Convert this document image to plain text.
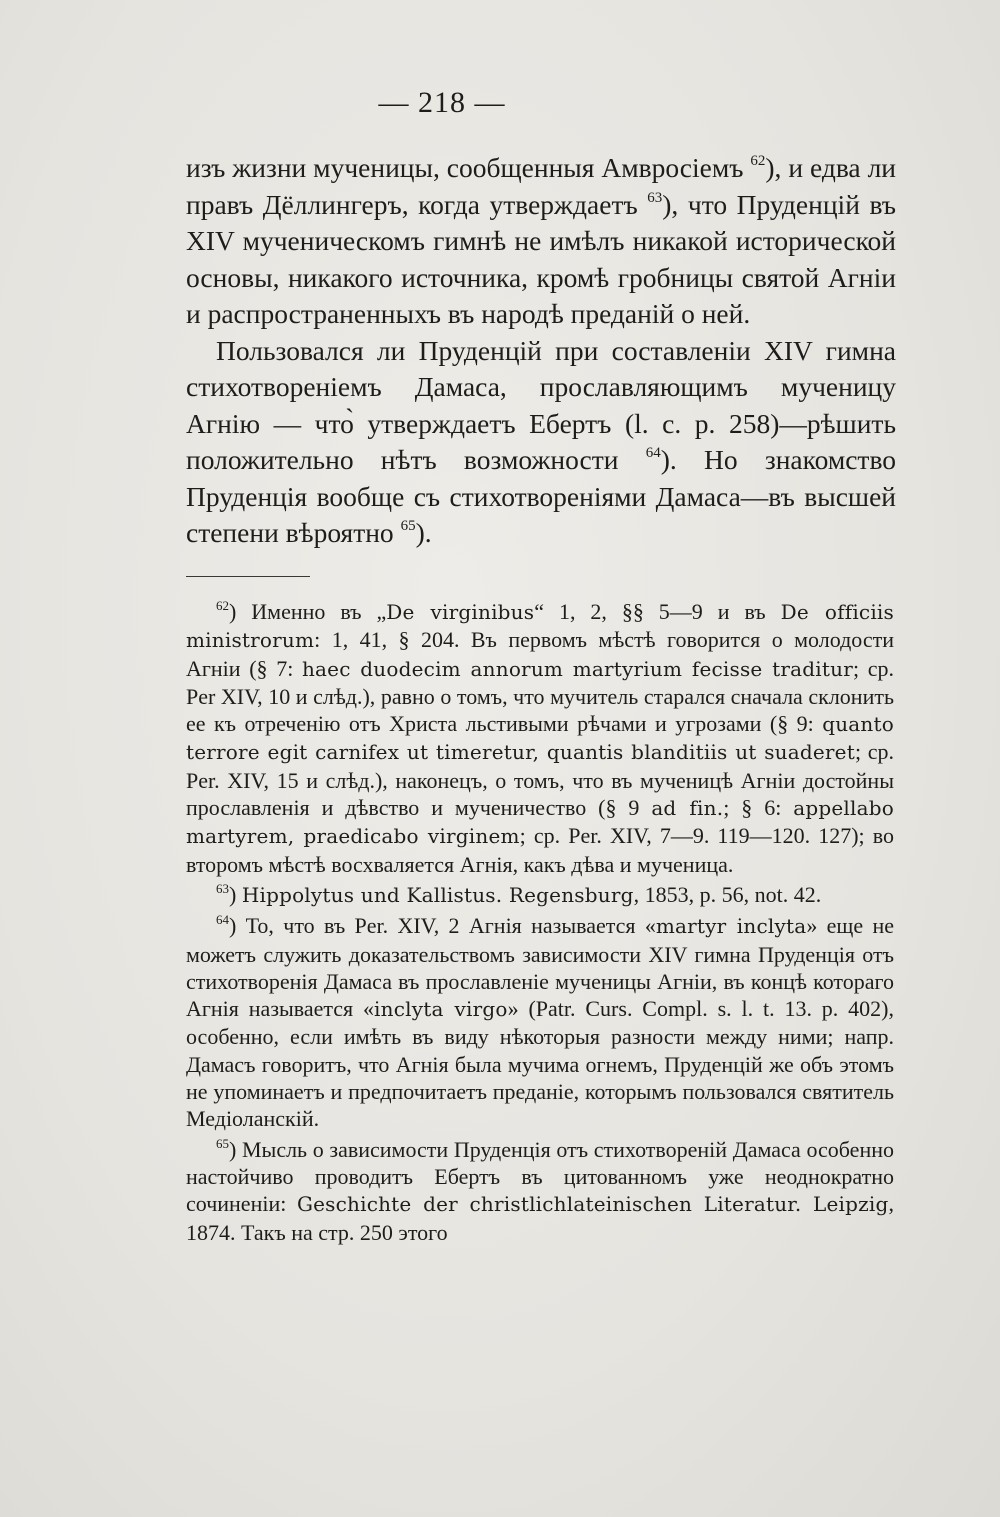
— 218 —

изъ жизни мученицы, сообщенныя Амвросіемъ $^{62}$), и едва ли правъ Дёллингеръ, когда утверждаетъ $^{63}$), что Пруденцій въ XIV мученическомъ гимнѣ не имѣлъ никакой исторической основы, никакого источника, кромѣ гробницы святой Агніи и распространенныхъ въ народѣ преданій о ней.

Пользовался ли Пруденцій при составленіи XIV гимна стихотвореніемъ Дамаса, прославляющимъ мученицу Агнію — что̀ утверждаетъ Ебертъ (l. c. p. 258)—рѣшить положительно нѣтъ возможности $^{64}$). Но знакомство Пруденція вообще съ стихотвореніями Дамаса—въ высшей степени вѣроятно $^{65}$).

$^{62}$) Именно въ „De virginibus“ 1, 2, §§ 5—9 и въ De officiis ministrorum: 1, 41, § 204. Въ первомъ мѣстѣ говорится о молодости Агніи (§ 7: haec duodecim annorum martyrium fecisse traditur; ср. Per XIV, 10 и слѣд.), равно о томъ, что мучитель старался сначала склонить ее къ отреченію отъ Христа льстивыми рѣчами и угрозами (§ 9: quanto terrore egit carnifex ut timeretur, quantis blanditiis ut suaderet; ср. Per. XIV, 15 и слѣд.), наконецъ, о томъ, что въ мученицѣ Агніи достойны прославленія и дѣвство и мученичество (§ 9 ad fin.; § 6: appellabo martyrem, praedicabo virginem; ср. Per. XIV, 7—9. 119—120. 127); во второмъ мѣстѣ восхваляется Агнія, какъ дѣва и мученица.

$^{63}$) Hippolytus und Kallistus. Regensburg, 1853, p. 56, not. 42.

$^{64}$) То, что въ Per. XIV, 2 Агнія называется «martyr inclyta» еще не можетъ служить доказательствомъ зависимости XIV гимна Пруденція отъ стихотворенія Дамаса въ прославленіе мученицы Агніи, въ концѣ котораго Агнія называется «inclyta virgo» (Patr. Curs. Compl. s. l. t. 13. p. 402), особенно, если имѣть въ виду нѣкоторыя разности между ними; напр. Дамасъ говоритъ, что Агнія была мучима огнемъ, Пруденцій же объ этомъ не упоминаетъ и предпочитаетъ преданіе, которымъ пользовался святитель Медіоланскій.

$^{65}$) Мысль о зависимости Пруденція отъ стихотвореній Дамаса особенно настойчиво проводитъ Ебертъ въ цитованномъ уже неоднократно сочиненіи: Geschichte der christlichlateinischen Literatur. Leipzig, 1874. Такъ на стр. 250 этого
